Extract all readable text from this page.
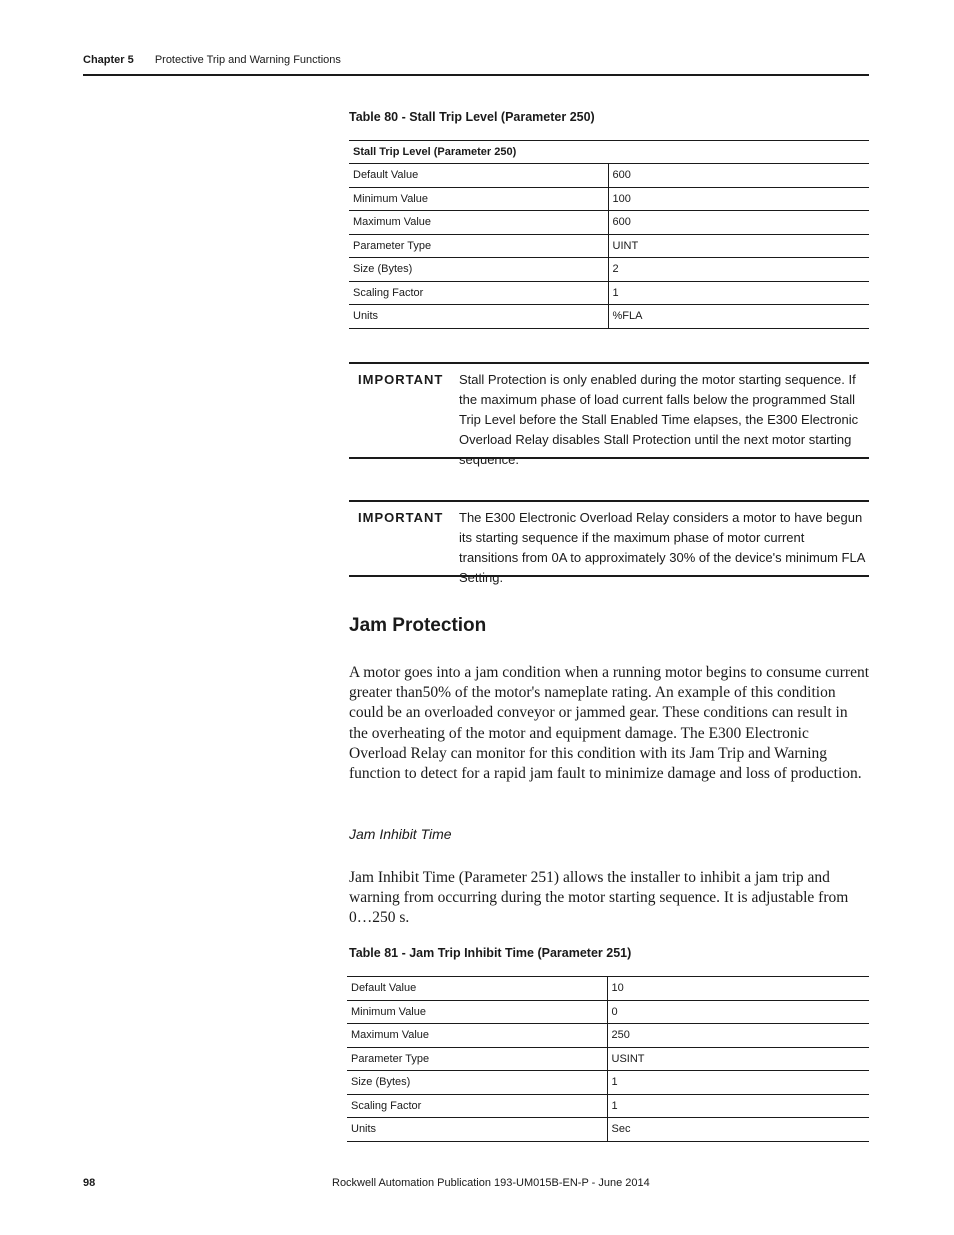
Chapter 5 Protective Trip and Warning Functions
Table 80 - Stall Trip Level (Parameter 250)
Stall Trip Level (Parameter 250)	
Default Value	600
Minimum Value	100
Maximum Value	600
Parameter Type	UINT
Size (Bytes)	2
Scaling Factor	1
Units	%FLA
IMPORTANT Stall Protection is only enabled during the motor starting sequence. If the maximum phase of load current falls below the programmed Stall Trip Level before the Stall Enabled Time elapses, the E300 Electronic Overload Relay disables Stall Protection until the next motor starting sequence.
IMPORTANT The E300 Electronic Overload Relay considers a motor to have begun its starting sequence if the maximum phase of motor current transitions from 0A to approximately 30% of the device's minimum FLA Setting.
Jam Protection
A motor goes into a jam condition when a running motor begins to consume current greater than50% of the motor's nameplate rating. An example of this condition could be an overloaded conveyor or jammed gear. These conditions can result in the overheating of the motor and equipment damage. The E300 Electronic Overload Relay can monitor for this condition with its Jam Trip and Warning function to detect for a rapid jam fault to minimize damage and loss of production.
Jam Inhibit Time
Jam Inhibit Time (Parameter 251) allows the installer to inhibit a jam trip and warning from occurring during the motor starting sequence. It is adjustable from 0…250 s.
Table 81 - Jam Trip Inhibit Time (Parameter 251)
Default Value	10
Minimum Value	0
Maximum Value	250
Parameter Type	USINT
Size (Bytes)	1
Scaling Factor	1
Units	Sec
98	Rockwell Automation Publication 193-UM015B-EN-P - June 2014
